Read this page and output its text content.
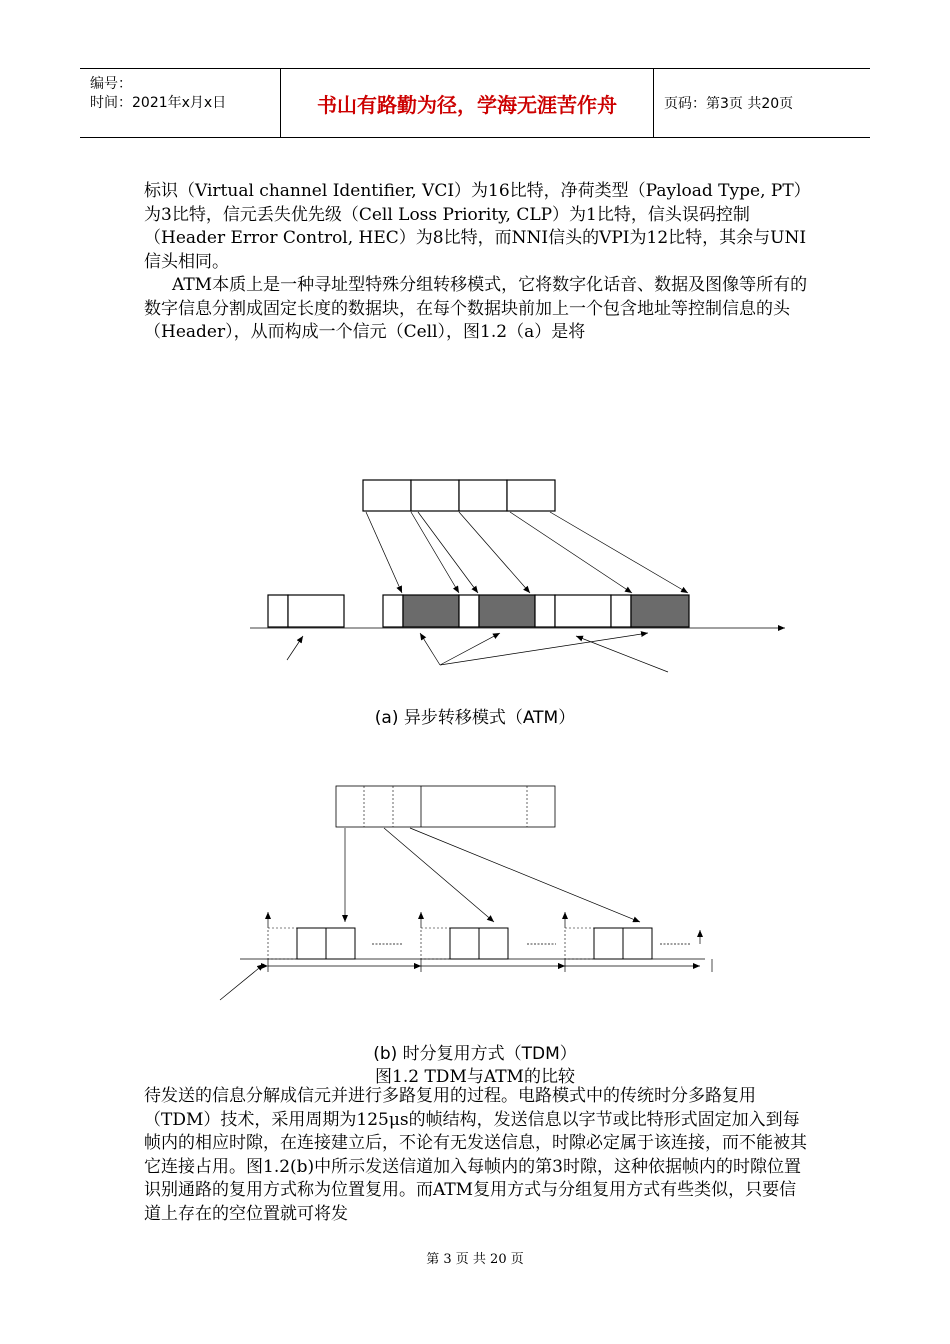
编号：
时间：2021年x月x日	书山有路勤为径，学海无涯苦作舟	页码：第3页 共20页

标识（Virtual channel Identifier, VCI）为16比特，净荷类型（Payload Type, PT）为3比特，信元丢失优先级（Cell Loss Priority, CLP）为1比特，信头误码控制（Header Error Control, HEC）为8比特，而NNI信头的VPI为12比特，其余与UNI信头相同。

ATM本质上是一种寻址型特殊分组转移模式，它将数字化话音、数据及图像等所有的数字信息分割成固定长度的数据块，在每个数据块前加上一个包含地址等控制信息的头（Header），从而构成一个信元（Cell），图1.2（a）是将

(a) 异步转移模式（ATM）
(b) 时分复用方式（TDM）
图1.2 TDM与ATM的比较

待发送的信息分解成信元并进行多路复用的过程。电路模式中的传统时分多路复用（TDM）技术，采用周期为125μs的帧结构，发送信息以字节或比特形式固定加入到每帧内的相应时隙，在连接建立后，不论有无发送信息，时隙必定属于该连接，而不能被其它连接占用。图1.2(b)中所示发送信道加入每帧内的第3时隙，这种依据帧内的时隙位置识别通路的复用方式称为位置复用。而ATM复用方式与分组复用方式有些类似，只要信道上存在的空位置就可将发

第 3 页 共 20 页
